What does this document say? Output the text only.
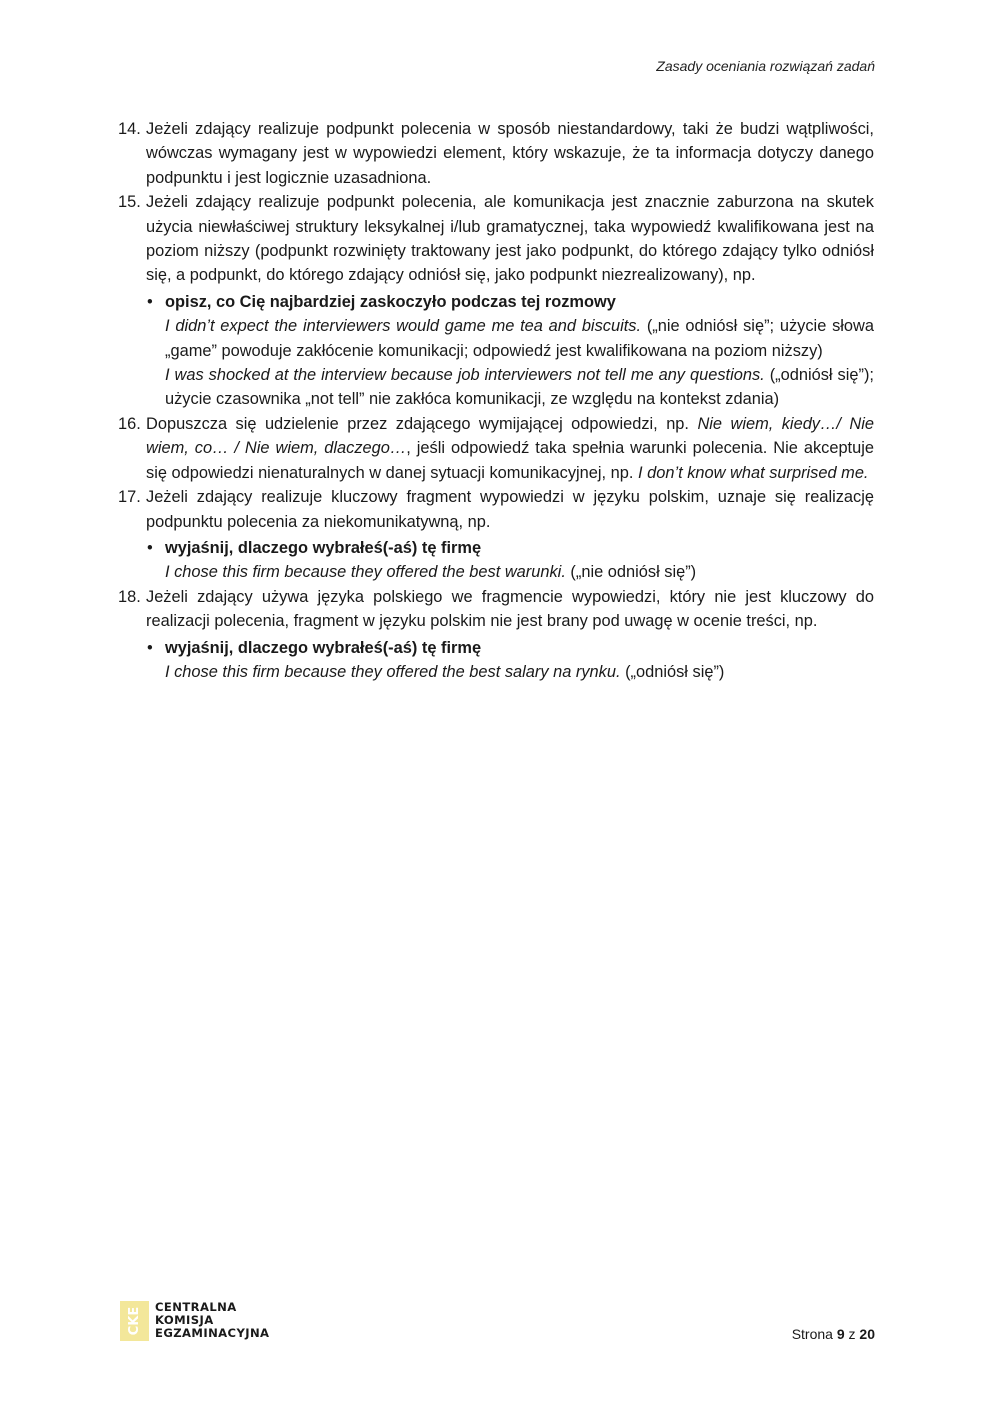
Zasady oceniania rozwiązań zadań
14. Jeżeli zdający realizuje podpunkt polecenia w sposób niestandardowy, taki że budzi wątpliwości, wówczas wymagany jest w wypowiedzi element, który wskazuje, że ta informacja dotyczy danego podpunktu i jest logicznie uzasadniona.
15. Jeżeli zdający realizuje podpunkt polecenia, ale komunikacja jest znacznie zaburzona na skutek użycia niewłaściwej struktury leksykalnej i/lub gramatycznej, taka wypowiedź kwalifikowana jest na poziom niższy (podpunkt rozwinięty traktowany jest jako podpunkt, do którego zdający tylko odniósł się, a podpunkt, do którego zdający odniósł się, jako podpunkt niezrealizowany), np.
• opisz, co Cię najbardziej zaskoczyło podczas tej rozmowy
I didn’t expect the interviewers would game me tea and biscuits. („nie odniósł się”; użycie słowa „game” powoduje zakłócenie komunikacji; odpowiedź jest kwalifikowana na poziom niższy)
I was shocked at the interview because job interviewers not tell me any questions. („odniósł się”); użycie czasownika „not tell” nie zakłóca komunikacji, ze względu na kontekst zdania)
16. Dopuszcza się udzielenie przez zdającego wymijającej odpowiedzi, np. Nie wiem, kiedy…/ Nie wiem, co… / Nie wiem, dlaczego…, jeśli odpowiedź taka spełnia warunki polecenia. Nie akceptuje się odpowiedzi nienaturalnych w danej sytuacji komunikacyjnej, np. I don’t know what surprised me.
17. Jeżeli zdający realizuje kluczowy fragment wypowiedzi w języku polskim, uznaje się realizację podpunktu polecenia za niekomunikatywną, np.
• wyjaśnij, dlaczego wybrałeś(-aś) tę firmę
I chose this firm because they offered the best warunki. („nie odniósł się”)
18. Jeżeli zdający używa języka polskiego we fragmencie wypowiedzi, który nie jest kluczowy do realizacji polecenia, fragment w języku polskim nie jest brany pod uwagę w ocenie treści, np.
• wyjaśnij, dlaczego wybrałeś(-aś) tę firmę
I chose this firm because they offered the best salary na rynku. („odniósł się”)
CKE CENTRALNA
KOMISJA
EGZAMINACYJNA	Strona 9 z 20
